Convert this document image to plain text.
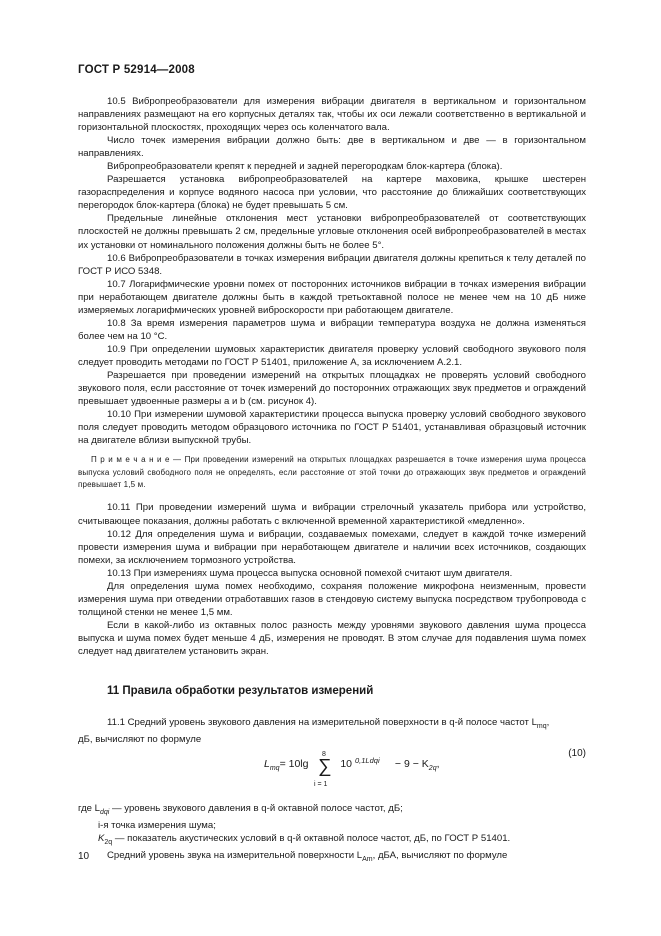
ГОСТ Р 52914—2008

10.5 Вибропреобразователи для измерения вибрации двигателя в вертикальном и горизонтальном направлениях размещают на его корпусных деталях так, чтобы их оси лежали соответственно в вертикальной и горизонтальной плоскостях, проходящих через ось коленчатого вала.

Число точек измерения вибрации должно быть: две в вертикальном и две — в горизонтальном направлениях.

Вибропреобразователи крепят к передней и задней перегородкам блок-картера (блока).

Разрешается установка вибропреобразователей на картере маховика, крышке шестерен газораспределения и корпусе водяного насоса при условии, что расстояние до ближайших соответствующих перегородок блок-картера (блока) не будет превышать 5 см.

Предельные линейные отклонения мест установки вибропреобразователей от соответствующих плоскостей не должны превышать 2 см, предельные угловые отклонения осей вибропреобразователей в местах их установки от номинального положения должны быть не более 5°.

10.6 Вибропреобразователи в точках измерения вибрации двигателя должны крепиться к телу деталей по ГОСТ Р ИСО 5348.

10.7 Логарифмические уровни помех от посторонних источников вибрации в точках измерения вибрации при неработающем двигателе должны быть в каждой третьоктавной полосе не менее чем на 10 дБ ниже измеряемых логарифмических уровней виброскорости при работающем двигателе.

10.8 За время измерения параметров шума и вибрации температура воздуха не должна изменяться более чем на 10 °С.

10.9 При определении шумовых характеристик двигателя проверку условий свободного звукового поля следует проводить методами по ГОСТ Р 51401, приложение А, за исключением А.2.1.

Разрешается при проведении измерений на открытых площадках не проверять условий свободного звукового поля, если расстояние от точек измерений до посторонних отражающих звук предметов и ограждений превышает удвоенные размеры a и b (см. рисунок 4).

10.10 При измерении шумовой характеристики процесса выпуска проверку условий свободного звукового поля следует проводить методом образцового источника по ГОСТ Р 51401, устанавливая образцовый источник на двигателе вблизи выпускной трубы.

П р и м е ч а н и е — При проведении измерений на открытых площадках разрешается в точке измерения шума процесса выпуска условий свободного поля не определять, если расстояние от этой точки до отражающих звук предметов и ограждений превышает 1,5 м.

10.11 При проведении измерений шума и вибрации стрелочный указатель прибора или устройство, считывающее показания, должны работать с включенной временной характеристикой «медленно».

10.12 Для определения шума и вибрации, создаваемых помехами, следует в каждой точке измерений провести измерения шума и вибрации при неработающем двигателе и наличии всех источников, создающих помехи, за исключением тормозного устройства.

10.13 При измерениях шума процесса выпуска основной помехой считают шум двигателя.

Для определения шума помех необходимо, сохраняя положение микрофона неизменным, провести измерения шума при отведении отработавших газов в стендовую систему выпуска посредством трубопровода с толщиной стенки не менее 1,5 мм.

Если в какой-либо из октавных полос разность между уровнями звукового давления шума процесса выпуска и шума помех будет меньше 4 дБ, измерения не проводят. В этом случае для подавления шума помех следует над двигателем установить экран.

11 Правила обработки результатов измерений

11.1 Средний уровень звукового давления на измерительной поверхности в q-й полосе частот $L_{mq}$,

дБ, вычисляют по формуле

$L_{mq}= 10\lg$	10	− $9 - K_{2q}$,
8
∑
i = 1
0,1Ldqi
(10)

где $L_{dqi}$ — уровень звукового давления в q-й октавной полосе частот, дБ;

i-я точка измерения шума;

$K_{2q}$ — показатель акустических условий в q-й октавной полосе частот, дБ, по ГОСТ Р 51401.

Средний уровень звука на измерительной поверхности $L_{Am}$, дБА, вычисляют по формуле

10
